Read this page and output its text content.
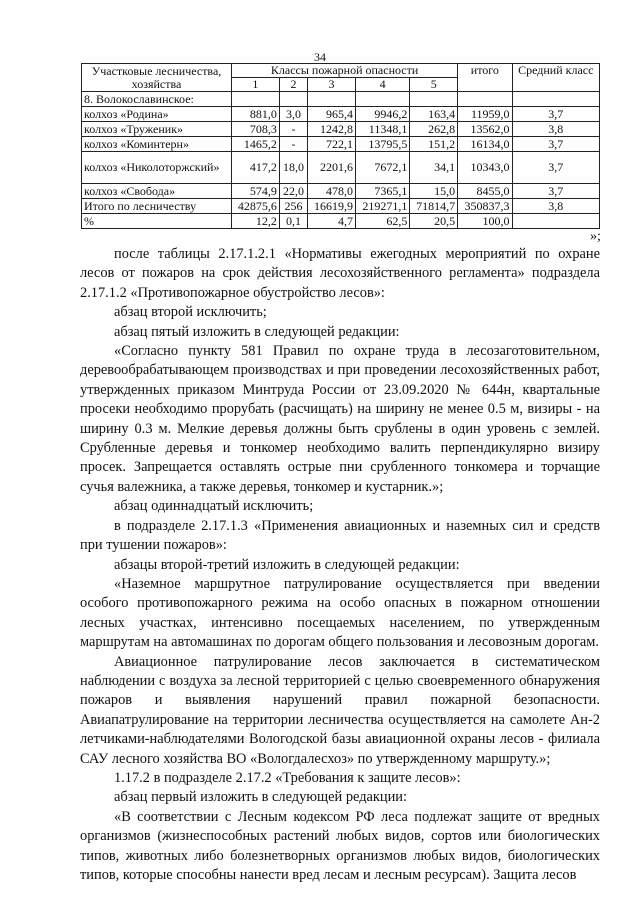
34
Участковые лесничества, хозяйства	Классы пожарной опасности					итого	Средний класс
	1	2	3	4	5		
8. Волокославинское:							
колхоз «Родина»	881,0	3,0	965,4	9946,2	163,4	11959,0	3,7
колхоз «Труженик»	708,3	-	1242,8	11348,1	262,8	13562,0	3,8
колхоз «Коминтерн»	1465,2	-	722,1	13795,5	151,2	16134,0	3,7
колхоз «Николоторжский»	417,2	18,0	2201,6	7672,1	34,1	10343,0	3,7
колхоз «Свобода»	574,9	22,0	478,0	7365,1	15,0	8455,0	3,7
Итого по лесничеству	42875,6	256	16619,9	219271,1	71814,7	350837,3	3,8
%	12,2	0,1	4,7	62,5	20,5	100,0	
»;

после таблицы 2.17.1.2.1 «Нормативы ежегодных мероприятий по охране лесов от пожаров на срок действия лесохозяйственного регламента» подраздела 2.17.1.2 «Противопожарное обустройство лесов»:

абзац второй исключить;

абзац пятый изложить в следующей редакции:

«Согласно пункту 581 Правил по охране труда в лесозаготовительном, деревообрабатывающем производствах и при проведении лесохозяйственных работ, утвержденных приказом Минтруда России от 23.09.2020 № 644н, квартальные просеки необходимо прорубать (расчищать) на ширину не менее 0.5 м, визиры - на ширину 0.3 м. Мелкие деревья должны быть срублены в один уровень с землей. Срубленные деревья и тонкомер необходимо валить перпендикулярно визиру просек. Запрещается оставлять острые пни срубленного тонкомера и торчащие сучья валежника, а также деревья, тонкомер и кустарник.»;

абзац одиннадцатый исключить;

в подразделе 2.17.1.3 «Применения авиационных и наземных сил и средств при тушении пожаров»:

абзацы второй-третий изложить в следующей редакции:

«Наземное маршрутное патрулирование осуществляется при введении особого противопожарного режима на особо опасных в пожарном отношении лесных участках, интенсивно посещаемых населением, по утвержденным маршрутам на автомашинах по дорогам общего пользования и лесовозным дорогам.

Авиационное патрулирование лесов заключается в систематическом наблюдении с воздуха за лесной территорией с целью своевременного обнаружения пожаров и выявления нарушений правил пожарной безопасности. Авиапатрулирование на территории лесничества осуществляется на самолете Ан-2 летчиками-наблюдателями Вологодской базы авиационной охраны лесов - филиала САУ лесного хозяйства ВО «Вологдалесхоз» по утвержденному маршруту.»;

1.17.2 в подразделе 2.17.2 «Требования к защите лесов»:

абзац первый изложить в следующей редакции:

«В соответствии с Лесным кодексом РФ леса подлежат защите от вредных организмов (жизнеспособных растений любых видов, сортов или биологических типов, животных либо болезнетворных организмов любых видов, биологических типов, которые способны нанести вред лесам и лесным ресурсам). Защита лесов
